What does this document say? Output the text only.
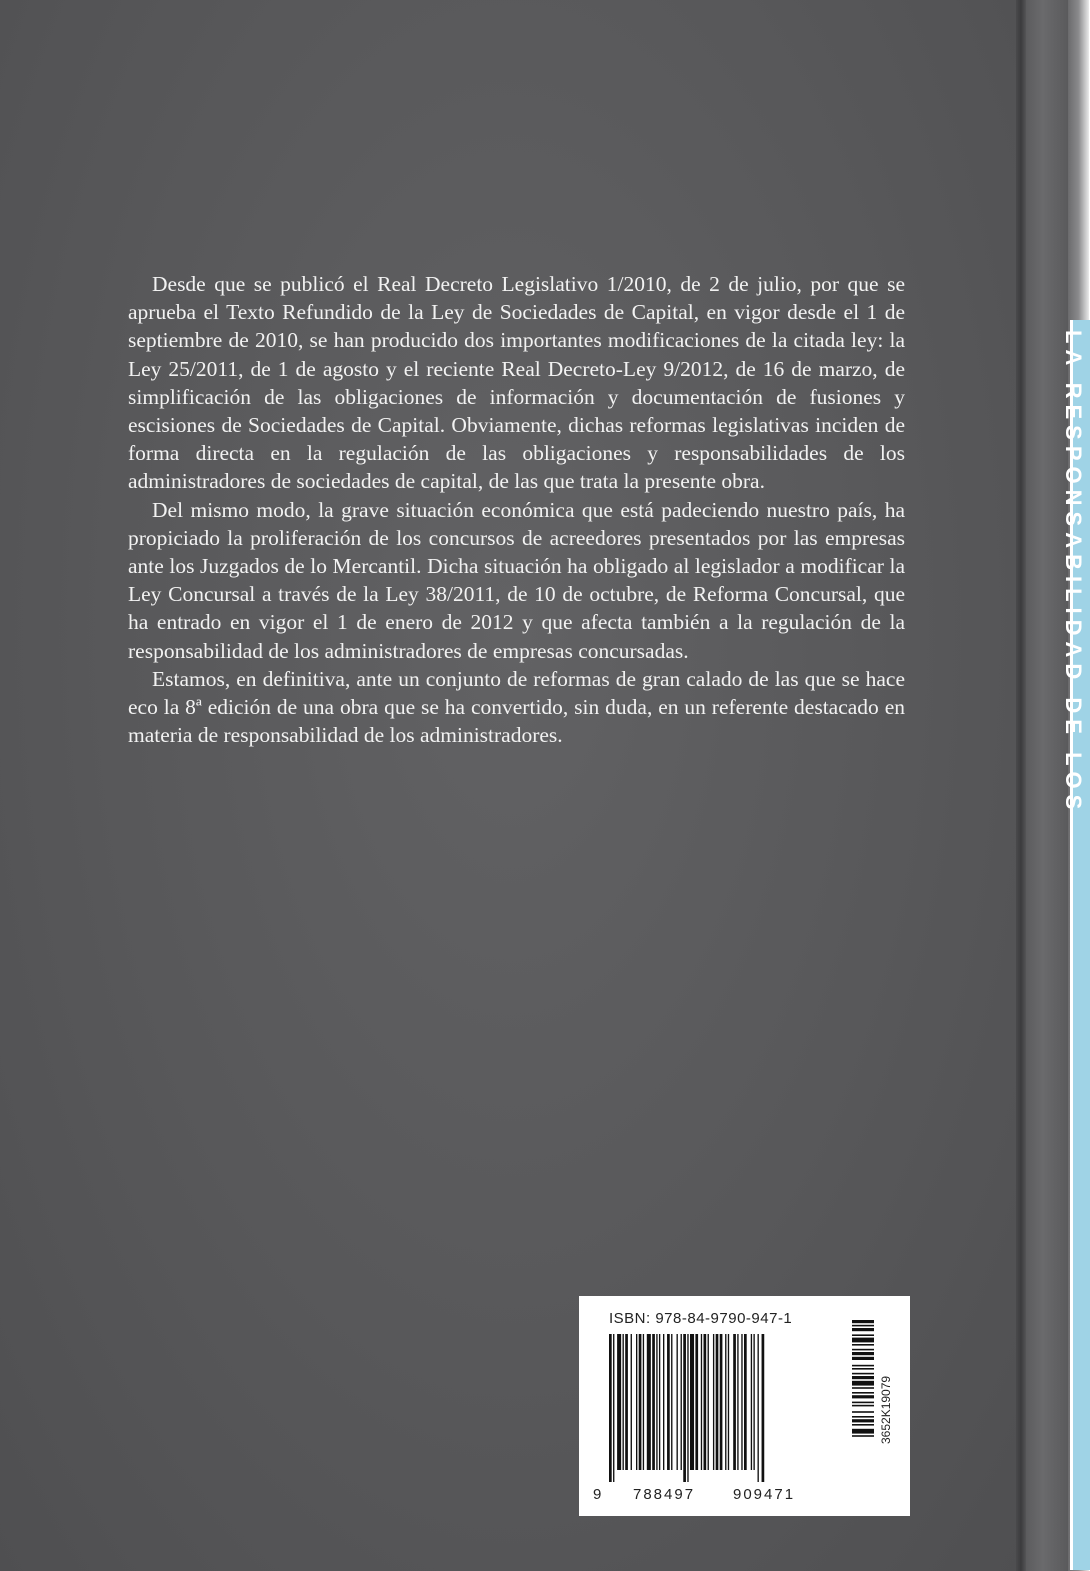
Desde que se publicó el Real Decreto Legislativo 1/2010, de 2 de julio, por que se aprueba el Texto Refundido de la Ley de Sociedades de Capital, en vigor desde el 1 de septiembre de 2010, se han producido dos importantes modificaciones de la citada ley: la Ley 25/2011, de 1 de agosto y el reciente Real Decreto-Ley 9/2012, de 16 de marzo, de simplificación de las obligaciones de información y documentación de fusiones y escisiones de Sociedades de Capital. Obviamente, dichas reformas legislativas inciden de forma directa en la regulación de las obligaciones y responsabilidades de los administradores de sociedades de capital, de las que trata la presente obra.

Del mismo modo, la grave situación económica que está padeciendo nuestro país, ha propiciado la proliferación de los concursos de acreedores presentados por las empresas ante los Juzgados de lo Mercantil. Dicha situación ha obligado al legislador a modificar la Ley Concursal a través de la Ley 38/2011, de 10 de octubre, de Reforma Concursal, que ha entrado en vigor el 1 de enero de 2012 y que afecta también a la regulación de la responsabilidad de los administradores de empresas concursadas.

Estamos, en definitiva, ante un conjunto de reformas de gran calado de las que se hace eco la 8ª edición de una obra que se ha convertido, sin duda, en un referente destacado en materia de responsabilidad de los administradores.

ISBN: 978-84-9790-947-1
9 788497	909471
3652K19079
LA RESPONSABILIDAD DE LOS
